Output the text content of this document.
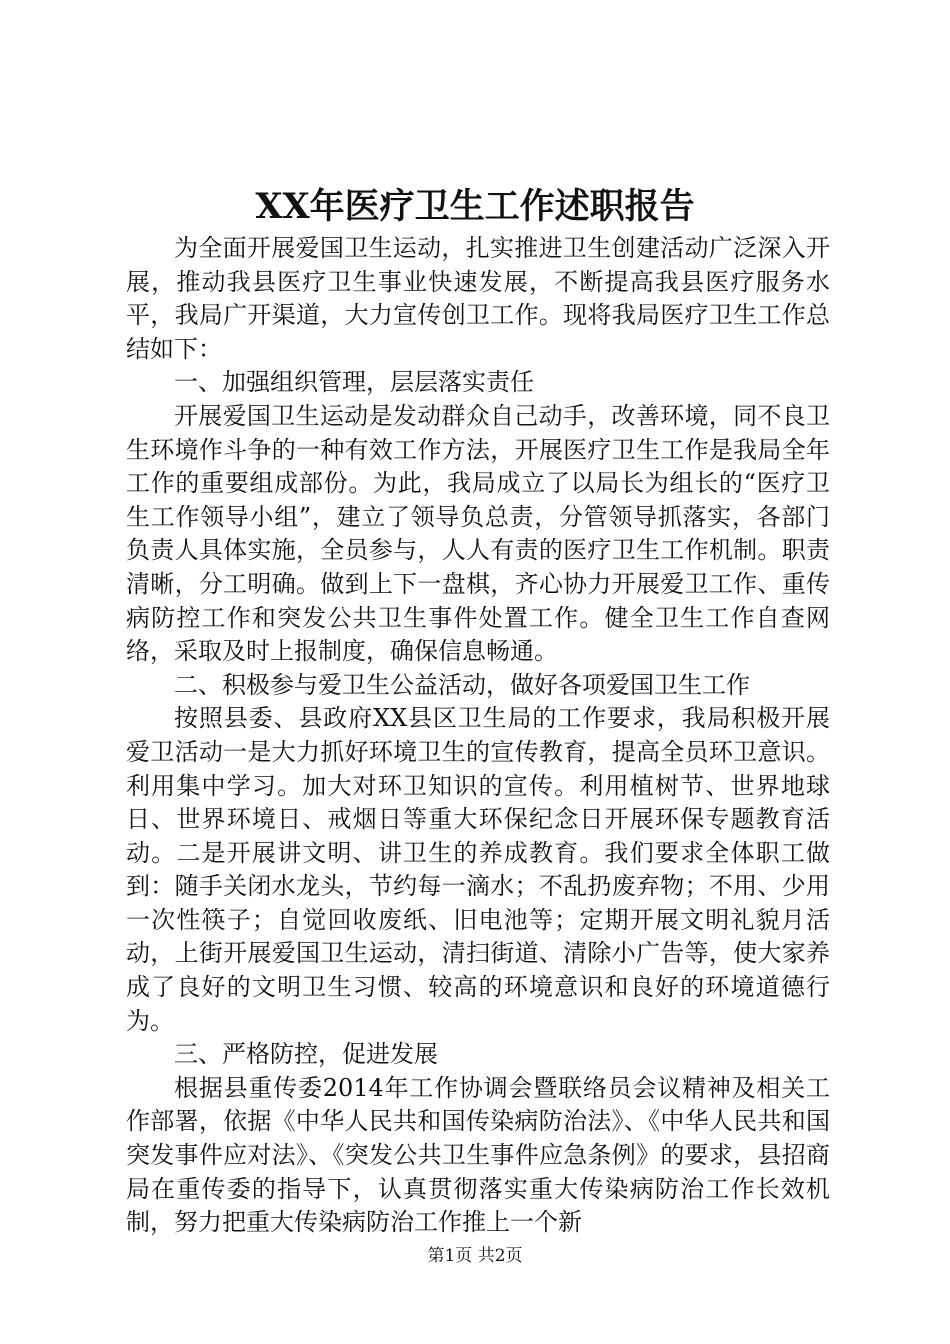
XX年医疗卫生工作述职报告

为全面开展爱国卫生运动，扎实推进卫生创建活动广泛深入开展，推动我县医疗卫生事业快速发展，不断提高我县医疗服务水平，我局广开渠道，大力宣传创卫工作。现将我局医疗卫生工作总结如下：

一、加强组织管理，层层落实责任

开展爱国卫生运动是发动群众自己动手，改善环境，同不良卫生环境作斗争的一种有效工作方法，开展医疗卫生工作是我局全年工作的重要组成部份。为此，我局成立了以局长为组长的“医疗卫生工作领导小组”，建立了领导负总责，分管领导抓落实，各部门负责人具体实施，全员参与，人人有责的医疗卫生工作机制。职责清晰，分工明确。做到上下一盘棋，齐心协力开展爱卫工作、重传病防控工作和突发公共卫生事件处置工作。健全卫生工作自查网络，采取及时上报制度，确保信息畅通。

二、积极参与爱卫生公益活动，做好各项爱国卫生工作

按照县委、县政府XX县区卫生局的工作要求，我局积极开展爱卫活动一是大力抓好环境卫生的宣传教育，提高全员环卫意识。利用集中学习。加大对环卫知识的宣传。利用植树节、世界地球日、世界环境日、戒烟日等重大环保纪念日开展环保专题教育活动。二是开展讲文明、讲卫生的养成教育。我们要求全体职工做到：随手关闭水龙头，节约每一滴水；不乱扔废弃物；不用、少用一次性筷子；自觉回收废纸、旧电池等；定期开展文明礼貌月活动，上街开展爱国卫生运动，清扫街道、清除小广告等，使大家养成了良好的文明卫生习惯、较高的环境意识和良好的环境道德行为。

三、严格防控，促进发展

根据县重传委2014年工作协调会暨联络员会议精神及相关工作部署，依据《中华人民共和国传染病防治法》、《中华人民共和国突发事件应对法》、《突发公共卫生事件应急条例》的要求，县招商局在重传委的指导下，认真贯彻落实重大传染病防治工作长效机制，努力把重大传染病防治工作推上一个新

第1页 共2页
